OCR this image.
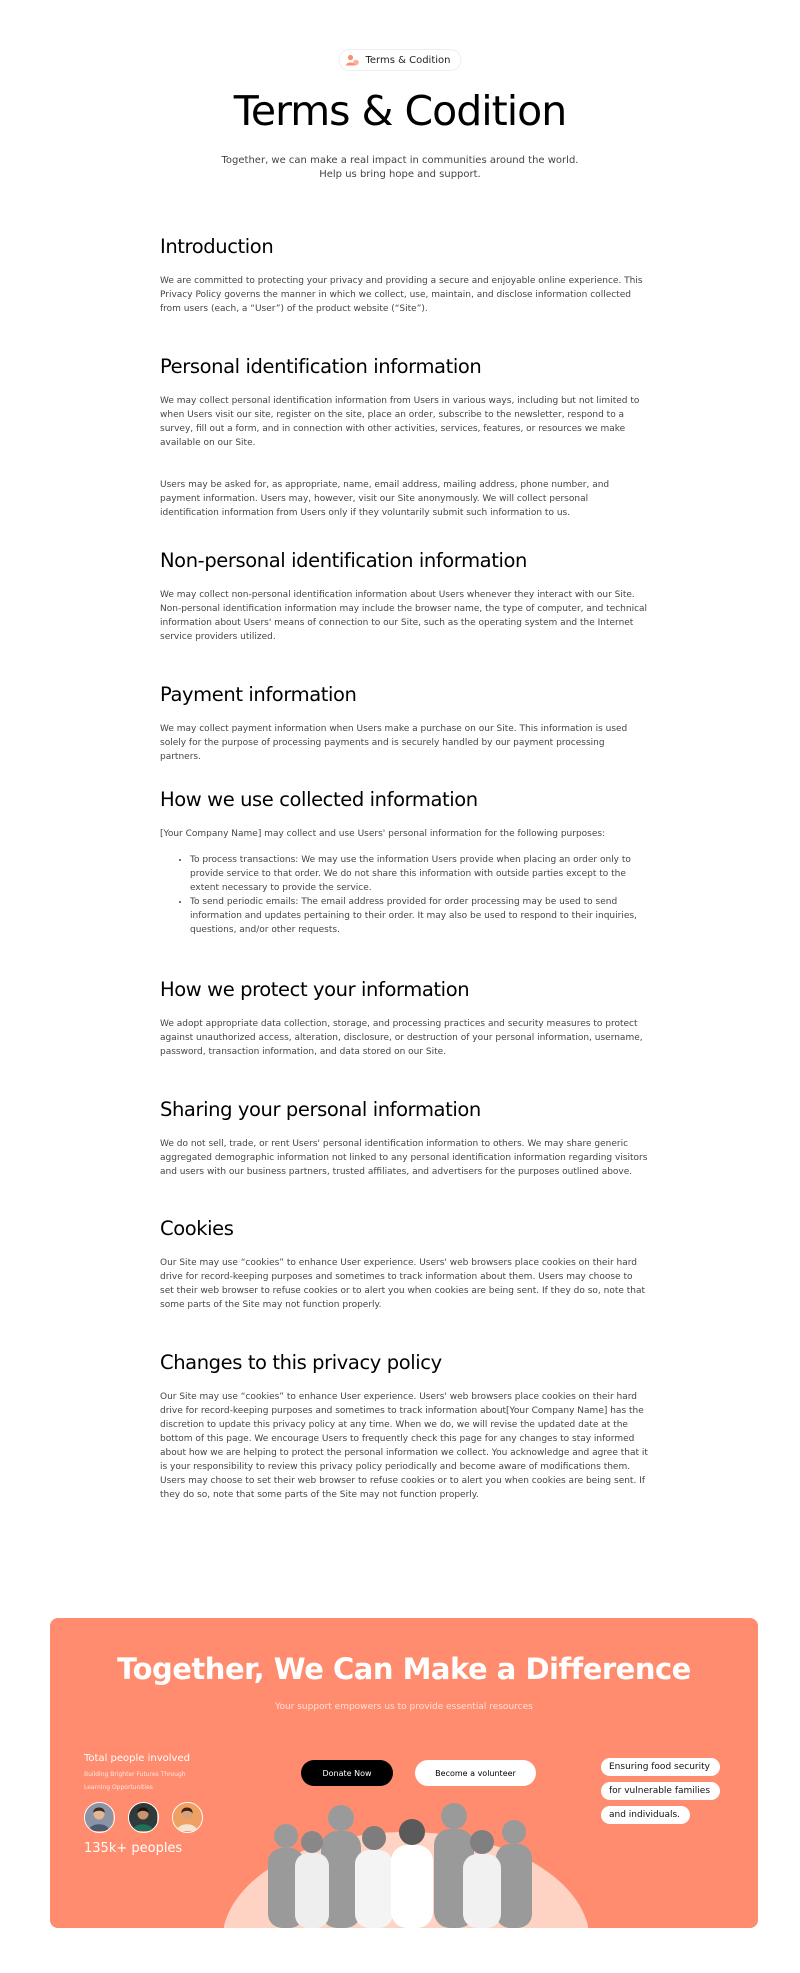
Terms & Codition
Terms & Codition
Together, we can make a real impact in communities around the world.
Help us bring hope and support.
Introduction

We are committed to protecting your privacy and providing a secure and enjoyable online experience. This Privacy Policy governs the manner in which we collect, use, maintain, and disclose information collected from users (each, a “User”) of the product website (“Site”).

Personal identification information

We may collect personal identification information from Users in various ways, including but not limited to when Users visit our site, register on the site, place an order, subscribe to the newsletter, respond to a survey, fill out a form, and in connection with other activities, services, features, or resources we make available on our Site.

Users may be asked for, as appropriate, name, email address, mailing address, phone number, and payment information. Users may, however, visit our Site anonymously. We will collect personal identification information from Users only if they voluntarily submit such information to us.

Non-personal identification information

We may collect non-personal identification information about Users whenever they interact with our Site. Non-personal identification information may include the browser name, the type of computer, and technical information about Users' means of connection to our Site, such as the operating system and the Internet service providers utilized.

Payment information

We may collect payment information when Users make a purchase on our Site. This information is used solely for the purpose of processing payments and is securely handled by our payment processing partners.

How we use collected information

[Your Company Name] may collect and use Users' personal information for the following purposes:

• To process transactions: We may use the information Users provide when placing an order only to provide service to that order. We do not share this information with outside parties except to the extent necessary to provide the service.
• To send periodic emails: The email address provided for order processing may be used to send information and updates pertaining to their order. It may also be used to respond to their inquiries, questions, and/or other requests.
How we protect your information

We adopt appropriate data collection, storage, and processing practices and security measures to protect against unauthorized access, alteration, disclosure, or destruction of your personal information, username, password, transaction information, and data stored on our Site.

Sharing your personal information

We do not sell, trade, or rent Users' personal identification information to others. We may share generic aggregated demographic information not linked to any personal identification information regarding visitors and users with our business partners, trusted affiliates, and advertisers for the purposes outlined above.

Cookies

Our Site may use “cookies” to enhance User experience. Users' web browsers place cookies on their hard drive for record-keeping purposes and sometimes to track information about them. Users may choose to set their web browser to refuse cookies or to alert you when cookies are being sent. If they do so, note that some parts of the Site may not function properly.

Changes to this privacy policy

Our Site may use “cookies” to enhance User experience. Users' web browsers place cookies on their hard drive for record-keeping purposes and sometimes to track information about[Your Company Name] has the discretion to update this privacy policy at any time. When we do, we will revise the updated date at the bottom of this page. We encourage Users to frequently check this page for any changes to stay informed about how we are helping to protect the personal information we collect. You acknowledge and agree that it is your responsibility to review this privacy policy periodically and become aware of modifications them. Users may choose to set their web browser to refuse cookies or to alert you when cookies are being sent. If they do so, note that some parts of the Site may not function properly.

Together, We Can Make a Difference
Your support empowers us to provide essential resources
Total people involved
Building Brighter Futures Through
Learning Opportunities
135k+ peoples
Donate Now	Become a volunteer
Ensuring food security
for vulnerable families
and individuals.
